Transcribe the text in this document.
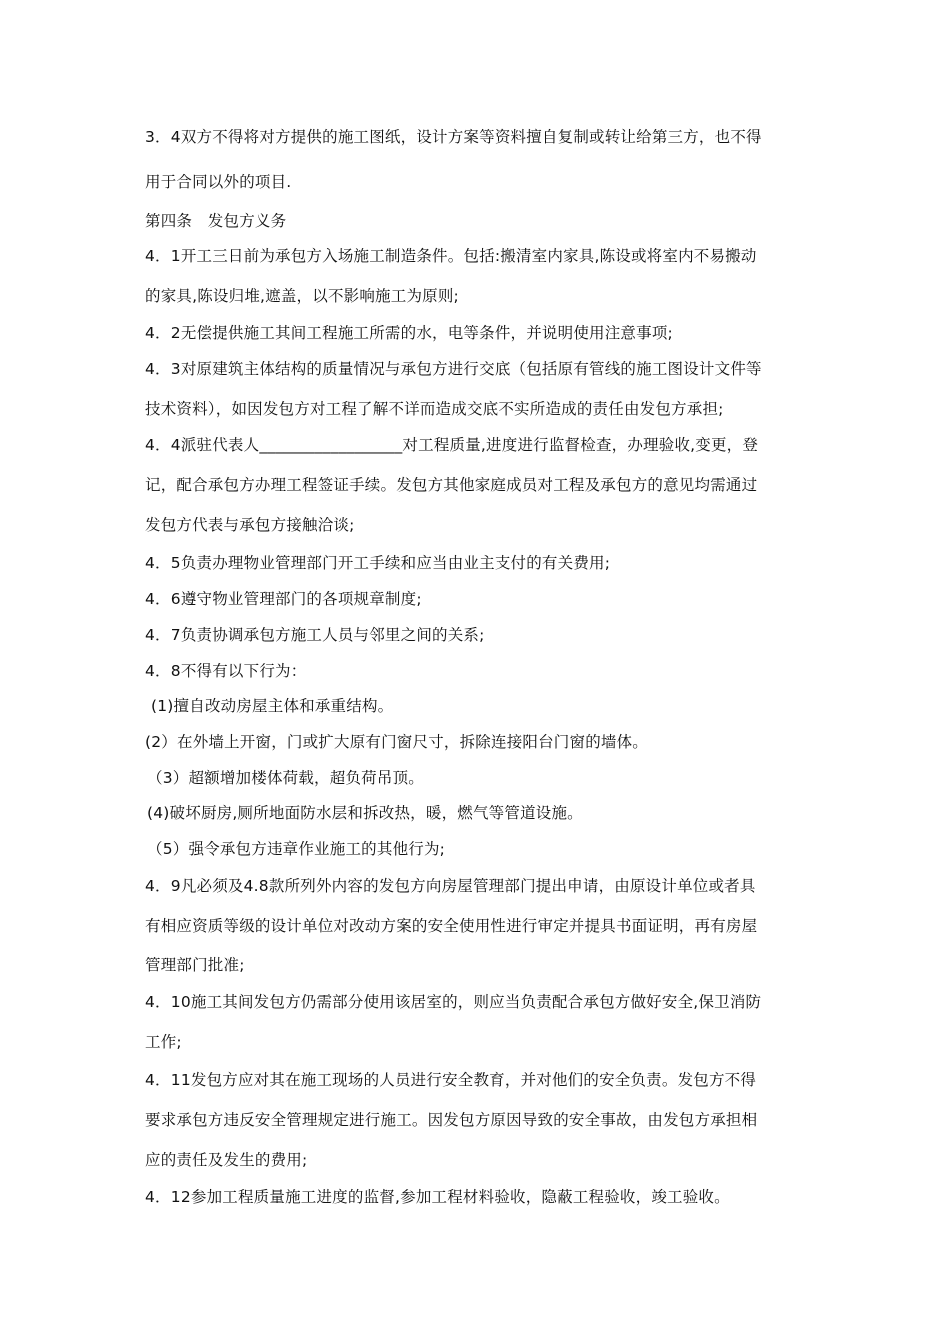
3．4双方不得将对方提供的施工图纸，设计方案等资料擅自复制或转让给第三方，也不得
用于合同以外的项目.
第四条　发包方义务
4．1开工三日前为承包方入场施工制造条件。包括:搬清室内家具,陈设或将室内不易搬动
的家具,陈设归堆,遮盖，以不影响施工为原则;
4．2无偿提供施工其间工程施工所需的水，电等条件，并说明使用注意事项;
4．3对原建筑主体结构的质量情况与承包方进行交底（包括原有管线的施工图设计文件等
技术资料），如因发包方对工程了解不详而造成交底不实所造成的责任由发包方承担;
4．4派驻代表人__________________对工程质量,进度进行监督检查，办理验收,变更，登
记，配合承包方办理工程签证手续。发包方其他家庭成员对工程及承包方的意见均需通过
发包方代表与承包方接触洽谈;
4．5负责办理物业管理部门开工手续和应当由业主支付的有关费用;
4．6遵守物业管理部门的各项规章制度;
4．7负责协调承包方施工人员与邻里之间的关系;
4．8不得有以下行为：
(1)擅自改动房屋主体和承重结构。
(2）在外墙上开窗，门或扩大原有门窗尺寸，拆除连接阳台门窗的墙体。
（3）超额增加楼体荷载，超负荷吊顶。
(4)破坏厨房,厕所地面防水层和拆改热，暖，燃气等管道设施。
（5）强令承包方违章作业施工的其他行为;
4．9凡必须及4.8款所列外内容的发包方向房屋管理部门提出申请，由原设计单位或者具
有相应资质等级的设计单位对改动方案的安全使用性进行审定并提具书面证明，再有房屋
管理部门批准;
4．10施工其间发包方仍需部分使用该居室的，则应当负责配合承包方做好安全,保卫消防
工作;
4．11发包方应对其在施工现场的人员进行安全教育，并对他们的安全负责。发包方不得
要求承包方违反安全管理规定进行施工。因发包方原因导致的安全事故，由发包方承担相
应的责任及发生的费用;
4．12参加工程质量施工进度的监督,参加工程材料验收，隐蔽工程验收，竣工验收。
